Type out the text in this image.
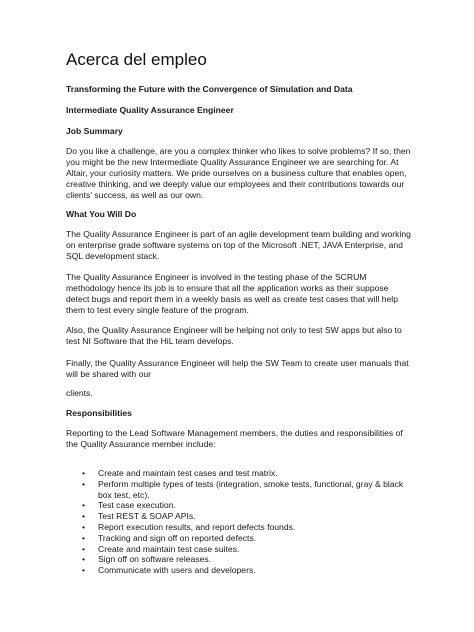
Acerca del empleo
Transforming the Future with the Convergence of Simulation and Data
Intermediate Quality Assurance Engineer
Job Summary
Do you like a challenge, are you a complex thinker who likes to solve problems? If so, then you might be the new Intermediate Quality Assurance Engineer we are searching for. At Altair, your curiosity matters. We pride ourselves on a business culture that enables open, creative thinking, and we deeply value our employees and their contributions towards our clients' success, as well as our own.
What You Will Do
The Quality Assurance Engineer is part of an agile development team building and working on enterprise grade software systems on top of the Microsoft .NET, JAVA Enterprise, and SQL development stack.
The Quality Assurance Engineer is involved in the testing phase of the SCRUM methodology hence its job is to ensure that all the application works as their suppose detect bugs and report them in a weekly basis as well as create test cases that will help them to test every single feature of the program.
Also, the Quality Assurance Engineer will be helping not only to test SW apps but also to test NI Software that the HiL team develops.
Finally, the Quality Assurance Engineer will help the SW Team to create user manuals that will be shared with our
clients.
Responsibilities
Reporting to the Lead Software Management members, the duties and responsibilities of the Quality Assurance member include:
• Create and maintain test cases and test matrix.
• Perform multiple types of tests (integration, smoke tests, functional, gray & black box test, etc).
• Test case execution.
• Test REST & SOAP APIs.
• Report execution results, and report defects founds.
• Tracking and sign off on reported defects.
• Create and maintain test case suites.
• Sign off on software releases.
• Communicate with users and developers.
